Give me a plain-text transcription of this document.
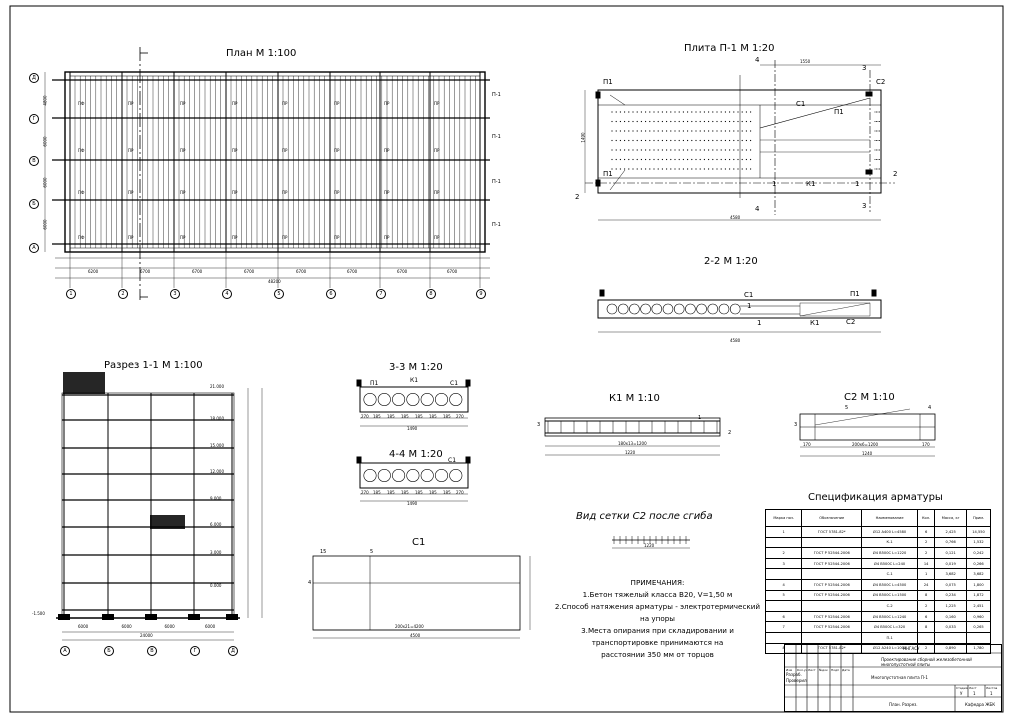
План М 1:100	Плита П-1 М 1:20
2-2 М 1:20
Разрез 1-1 М 1:100	3-3 М 1:20
4-4 М 1:20
К1 М 1:10	С2 М 1:10
С1
Вид сетки С2 после сгиба
Спецификация арматуры
Д
Г
В
Б
А
1	2	3	4	5	6	7	8	9
П-1
П-1
П-1
П-1
ПФ	ПР	ПР	ПР	ПР	ПР	ПР	ПР
ПФ	ПР	ПР	ПР	ПР	ПР	ПР	ПР
ПФ	ПР	ПР	ПР	ПР	ПР	ПР	ПР
ПФ	ПР	ПР	ПР	ПР	ПР	ПР	ПР
6200	6700	6700	6700	6700	6700	6700	6700
48200
4800
6000
6000
6000
П1
П1
С2
С1
П1
К1
1	1
2
2
3
3
4
4
1550
4580
1490
С1	П1
К1	С2
1
1
4580
21.000
18.000
15.000
12.000
9.000
6.000
3.000
0.000
-1.500
6000	6000	6000	6000
24000
А	Б	В	Г	Д
П1	К1	С1
270 185 185 185 185 185 185 270
1490
С1
270 185 185 185 185 185 185 270
1490
3
1
2
180х13=1200
1220
3
5	4
200х6=1200
1240
170	170
4
5
15
200х21=4200
4500
1220
ПРИМЕЧАНИЯ:
1.Бетон тяжелый класса В20, V=1,50 м
2.Способ натяжения арматуры - электротермический
на упоры
3.Места опирания при складировании и
транспортировке принимаются на
расстоянии 350 мм от торцов
Марка поз.	Обозначение	Наименование	Кол.	Масса, кг	Прим.
1	ГОСТ 5781-82*	Ø12 А400 L=4580	6	2,425	14,550
		К-1	2	0,766	1,532
2	ГОСТ Р 52544-2006	Ø4 В500С L=1220	2	0,121	0,242
3	ГОСТ Р 52544-2006	Ø4 В500С L=240	14	0,019	0,266
		С-1	1	3,682	3,682
4	ГОСТ Р 52544-2006	Ø4 В500С L=4500	24	0,075	1,800
5	ГОСТ Р 52544-2006	Ø4 В500С L=1500	8	0,234	1,872
		С-2	2	1,225	2,451
6	ГОСТ Р 52544-2006	Ø4 В500С L=1240	6	0,160	0,960
7	ГОСТ Р 52544-2006	Ø4 В500С L=320	8	0,033	0,265
		П-1			
8	ГОСТ 5781-82*	Ø12 А240 L=1000	2	0,890	1,780
ННГАСУ
Проектирование сборной железобетонной многопустотной плиты
Разраб.
Проверил
Изм Кол.уч Лист №док Подп Дата
Многопустотная плита П-1
Стадия
У
Лист
1
Листов
1
План. Разрез.	Кафедра ЖБК
